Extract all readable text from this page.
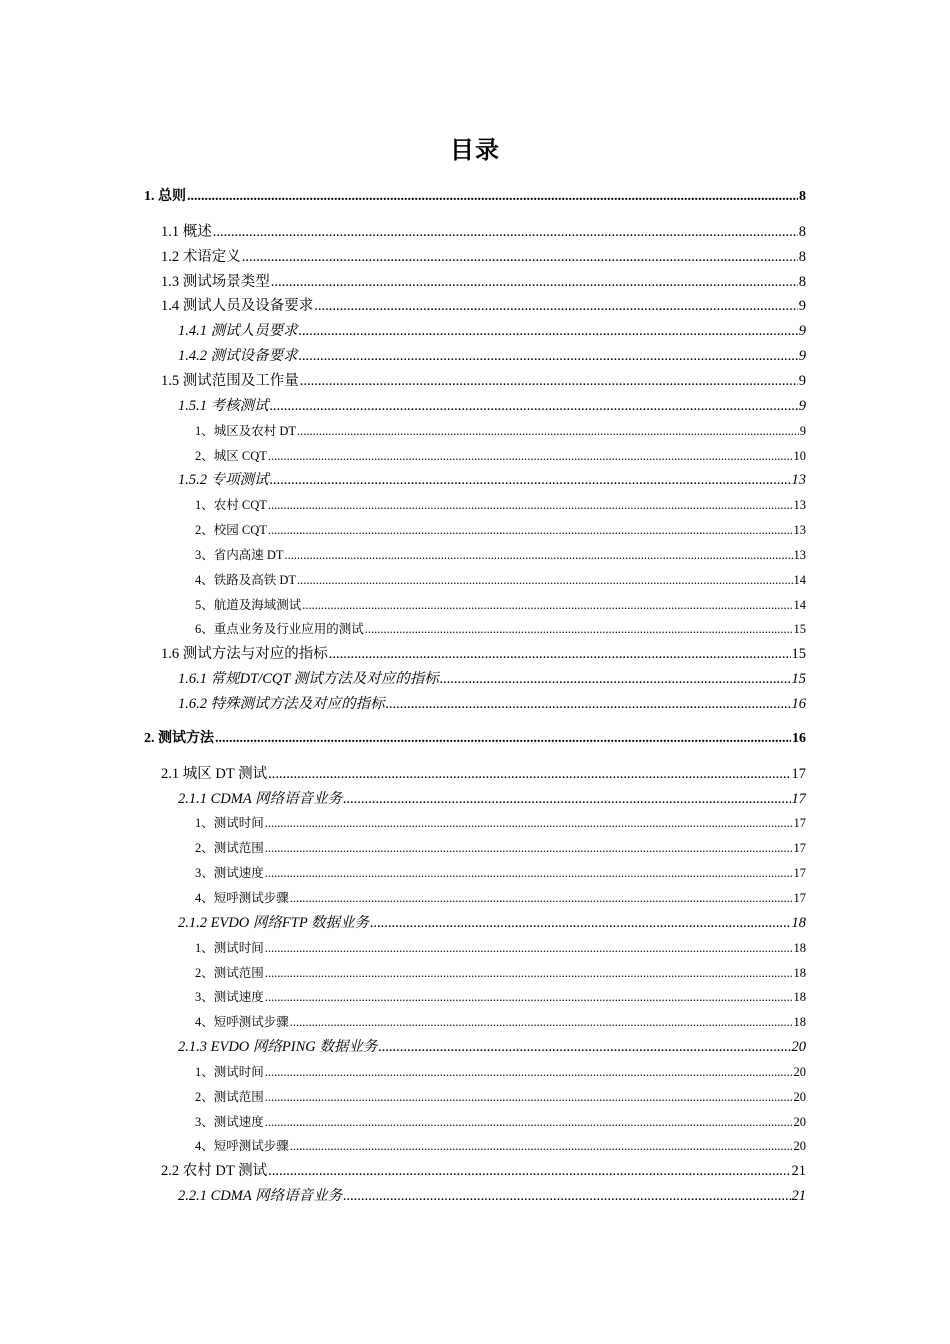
目录
1. 总则 .....	8
1.1 概述 .....	8
1.2 术语定义 .....	8
1.3 测试场景类型 .....	8
1.4 测试人员及设备要求 .....	9
1.4.1 测试人员要求 .....	9
1.4.2 测试设备要求 .....	9
1.5 测试范围及工作量 .....	9
1.5.1 考核测试 .....	9
1、城区及农村 DT .....	9
2、城区 CQT .....	10
1.5.2 专项测试 .....	13
1、农村 CQT .....	13
2、校园 CQT .....	13
3、省内高速 DT .....	13
4、铁路及高铁 DT .....	14
5、航道及海域测试 .....	14
6、重点业务及行业应用的测试 .....	15
1.6 测试方法与对应的指标 .....	15
1.6.1 常规DT/CQT 测试方法及对应的指标 .....	15
1.6.2 特殊测试方法及对应的指标 .....	16
2. 测试方法 .....	16
2.1 城区 DT 测试 .....	17
2.1.1 CDMA 网络语音业务 .....	17
1、测试时间 .....	17
2、测试范围 .....	17
3、测试速度 .....	17
4、短呼测试步骤 .....	17
2.1.2 EVDO 网络FTP 数据业务 .....	18
1、测试时间 .....	18
2、测试范围 .....	18
3、测试速度 .....	18
4、短呼测试步骤 .....	18
2.1.3 EVDO 网络PING 数据业务 .....	20
1、测试时间 .....	20
2、测试范围 .....	20
3、测试速度 .....	20
4、短呼测试步骤 .....	20
2.2 农村 DT 测试 .....	21
2.2.1 CDMA 网络语音业务 .....	21
